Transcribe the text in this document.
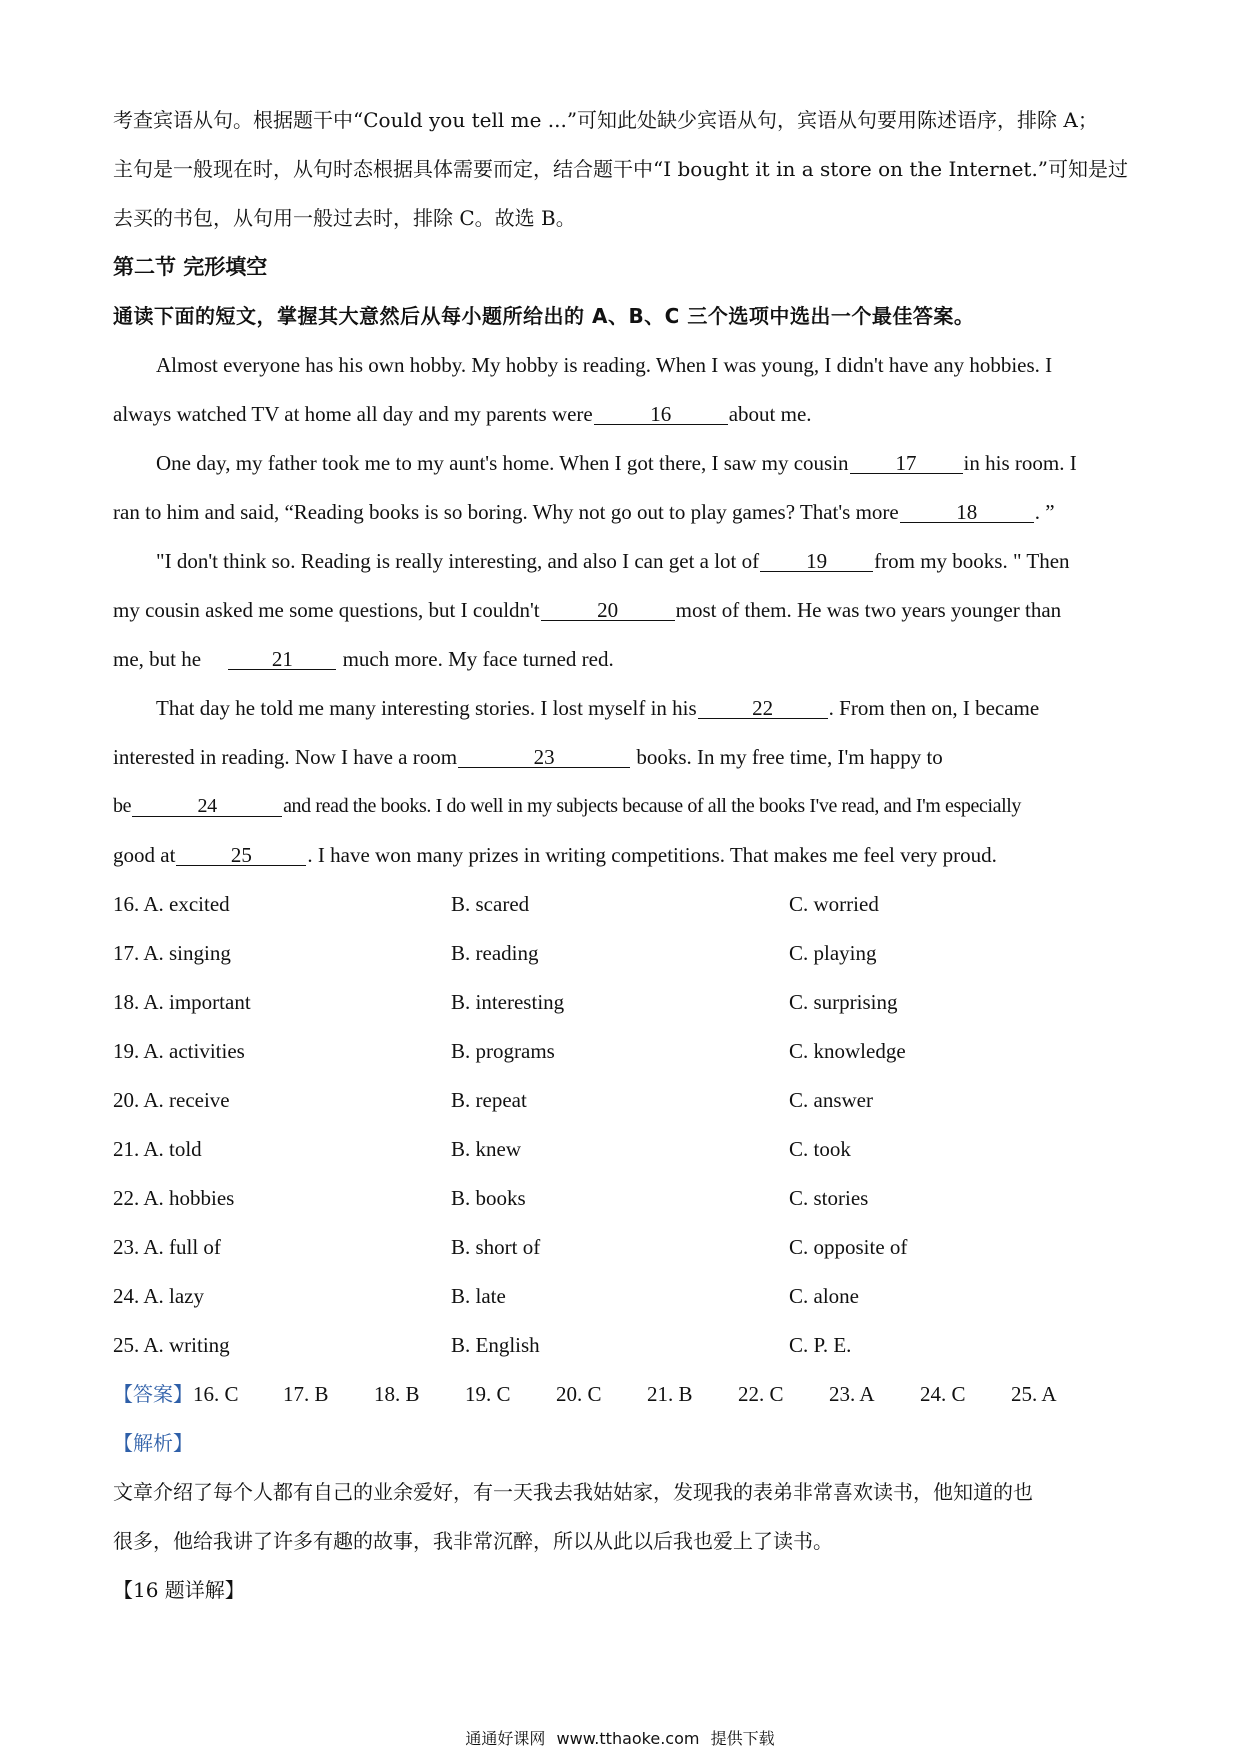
考查宾语从句。根据题干中“Could you tell me ...”可知此处缺少宾语从句，宾语从句要用陈述语序，排除 A；
主句是一般现在时，从句时态根据具体需要而定，结合题干中“I bought it in a store on the Internet.”可知是过
去买的书包，从句用一般过去时，排除 C。故选 B。
第二节 完形填空
通读下面的短文，掌握其大意然后从每小题所给出的 A、B、C 三个选项中选出一个最佳答案。
Almost everyone has his own hobby. My hobby is reading. When I was young, I didn't have any hobbies. I
always watched TV at home all day and my parents were	16	about me.
One day, my father took me to my aunt's home. When I got there, I saw my cousin 17 in his room. I
ran to him and said, “Reading books is so boring. Why not go out to play games? That's more	18	. ”
"I don't think so. Reading is really interesting, and also I can get a lot of 19 from my books. " Then
my cousin asked me some questions, but I couldn't	20	most of them. He was two years younger than
me, but he	21 much more. My face turned red.
That day he told me many interesting stories. I lost myself in his	22	. From then on, I became
interested in reading. Now I have a room	23	books. In my free time, I'm happy to
be	24	and read the books. I do well in my subjects because of all the books I've read, and I'm especially
good at	25	. I have won many prizes in writing competitions. That makes me feel very proud.
16. A. excited	B. scared	C. worried
17. A. singing	B. reading	C. playing
18. A. important	B. interesting	C. surprising
19. A. activities	B. programs	C. knowledge
20. A. receive	B. repeat	C. answer
21. A. told	B. knew	C. took
22. A. hobbies	B. books	C. stories
23. A. full of	B. short of	C. opposite of
24. A. lazy	B. late	C. alone
25. A. writing	B. English	C. P. E.
【答案】16. C 17. B 18. B 19. C 20. C 21. B 22. C 23. A 24. C 25. A
【解析】
文章介绍了每个人都有自己的业余爱好，有一天我去我姑姑家，发现我的表弟非常喜欢读书，他知道的也
很多，他给我讲了许多有趣的故事，我非常沉醉，所以从此以后我也爱上了读书。
【16 题详解】
通通好课网 www.tthaoke.com 提供下载
